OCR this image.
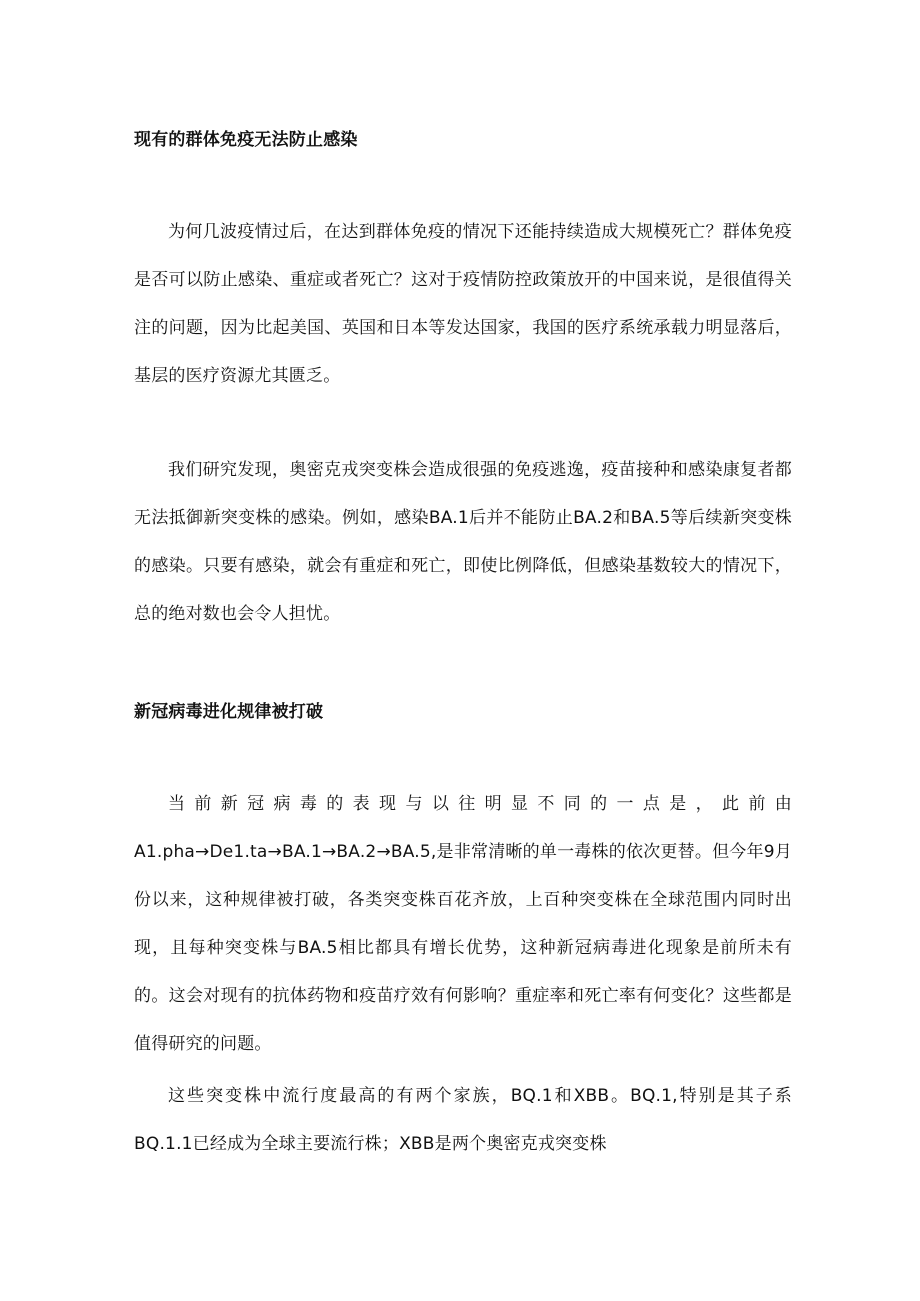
现有的群体免疫无法防止感染

为何几波疫情过后，在达到群体免疫的情况下还能持续造成大规模死亡？群体免疫是否可以防止感染、重症或者死亡？这对于疫情防控政策放开的中国来说，是很值得关注的问题，因为比起美国、英国和日本等发达国家，我国的医疗系统承载力明显落后，基层的医疗资源尤其匮乏。

我们研究发现，奥密克戎突变株会造成很强的免疫逃逸，疫苗接种和感染康复者都无法抵御新突变株的感染。例如，感染BA.1后并不能防止BA.2和BA.5等后续新突变株的感染。只要有感染，就会有重症和死亡，即使比例降低，但感染基数较大的情况下，总的绝对数也会令人担忧。

新冠病毒进化规律被打破

当前新冠病毒的表现与以往明显不同的一点是，此前由A1.pha→De1.ta→BA.1→BA.2→BA.5,是非常清晰的单一毒株的依次更替。但今年9月份以来，这种规律被打破，各类突变株百花齐放，上百种突变株在全球范围内同时出现，且每种突变株与BA.5相比都具有增长优势，这种新冠病毒进化现象是前所未有的。这会对现有的抗体药物和疫苗疗效有何影响？重症率和死亡率有何变化？这些都是值得研究的问题。

这些突变株中流行度最高的有两个家族，BQ.1和XBB。BQ.1,特别是其子系BQ.1.1已经成为全球主要流行株；XBB是两个奥密克戎突变株
